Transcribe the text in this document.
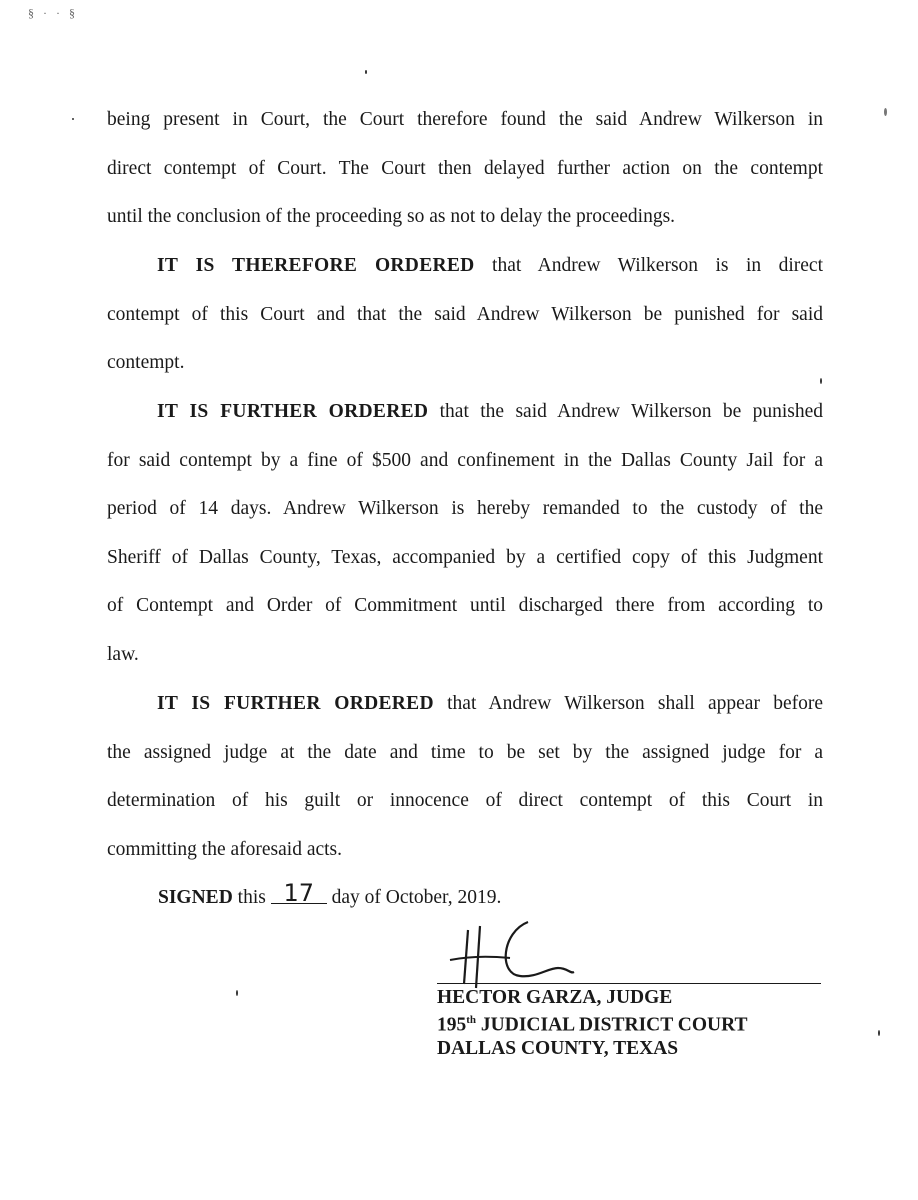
§ · · §
being present in Court, the Court therefore found the said Andrew Wilkerson in
direct contempt of Court. The Court then delayed further action on the contempt
until the conclusion of the proceeding so as not to delay the proceedings.
IT IS THEREFORE ORDERED that Andrew Wilkerson is in direct
contempt of this Court and that the said Andrew Wilkerson be punished for said
contempt.
IT IS FURTHER ORDERED that the said Andrew Wilkerson be punished
for said contempt by a fine of $500 and confinement in the Dallas County Jail for a
period of 14 days. Andrew Wilkerson is hereby remanded to the custody of the
Sheriff of Dallas County, Texas, accompanied by a certified copy of this Judgment
of Contempt and Order of Commitment until discharged there from according to
law.
IT IS FURTHER ORDERED that Andrew Wilkerson shall appear before
the assigned judge at the date and time to be set by the assigned judge for a
determination of his guilt or innocence of direct contempt of this Court in
committing the aforesaid acts.
SIGNED this 17 day of October, 2019.
HECTOR GARZA, JUDGE
195th JUDICIAL DISTRICT COURT
DALLAS COUNTY, TEXAS
